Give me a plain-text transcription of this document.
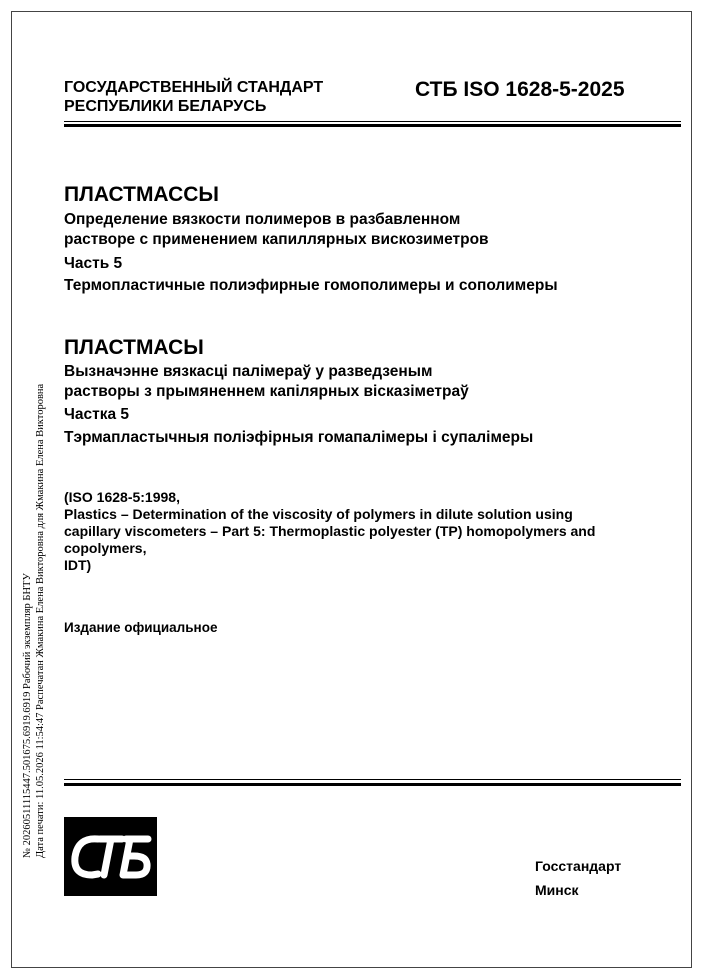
ГОСУДАРСТВЕННЫЙ СТАНДАРТ
РЕСПУБЛИКИ БЕЛАРУСЬ
СТБ ISO 1628-5-2025
ПЛАСТМАССЫ
Определение вязкости полимеров в разбавленном
растворе с применением капиллярных вискозиметров
Часть 5
Термопластичные полиэфирные гомополимеры и сополимеры
ПЛАСТМАСЫ
Вызначэнне вязкасці палімераў у разведзеным
растворы з прымяненнем капілярных вісказіметраў
Частка 5
Тэрмапластычныя поліэфірныя гомапалімеры і супалімеры
(ISO 1628-5:1998,
Plastics – Determination of the viscosity of polymers in dilute solution using
capillary viscometers – Part 5: Thermoplastic polyester (TP) homopolymers and
copolymers,
IDT)
Издание официальное
№ 20260511115447.501675.6919.6919 Рабочий экземпляр БНТУ Дата печати: 11.05.2026 11:54:47 Распечатан Жмакина Елена Викторовна для Жмакина Елена Викторовна
Госстандарт
Минск
